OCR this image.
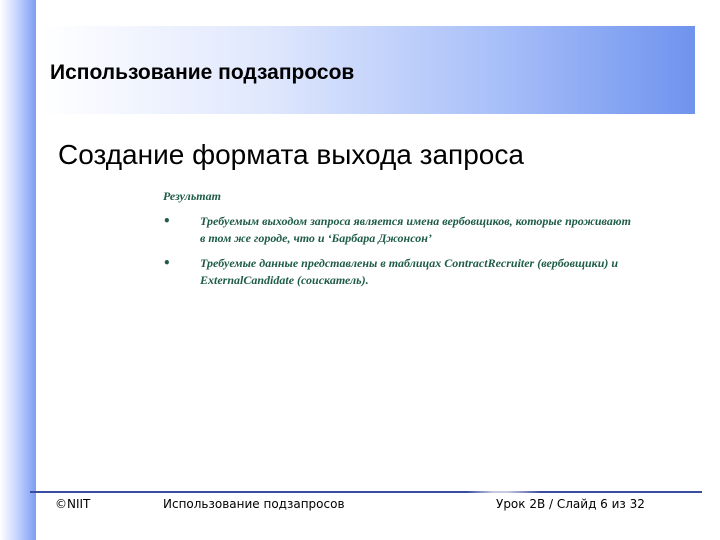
Использование подзапросов
Создание формата выхода запроса
Результат
• Требуемым выходом запроса является имена вербовщиков, которые проживают в том же городе, что и ‘Барбара Джонсон’
• Требуемые данные представлены в таблицах ContractRecruiter (вербовщики) и ExternalCandidate (соискатель).
©NIIT	Использование подзапросов	Урок 2B / Слайд 6 из 32
